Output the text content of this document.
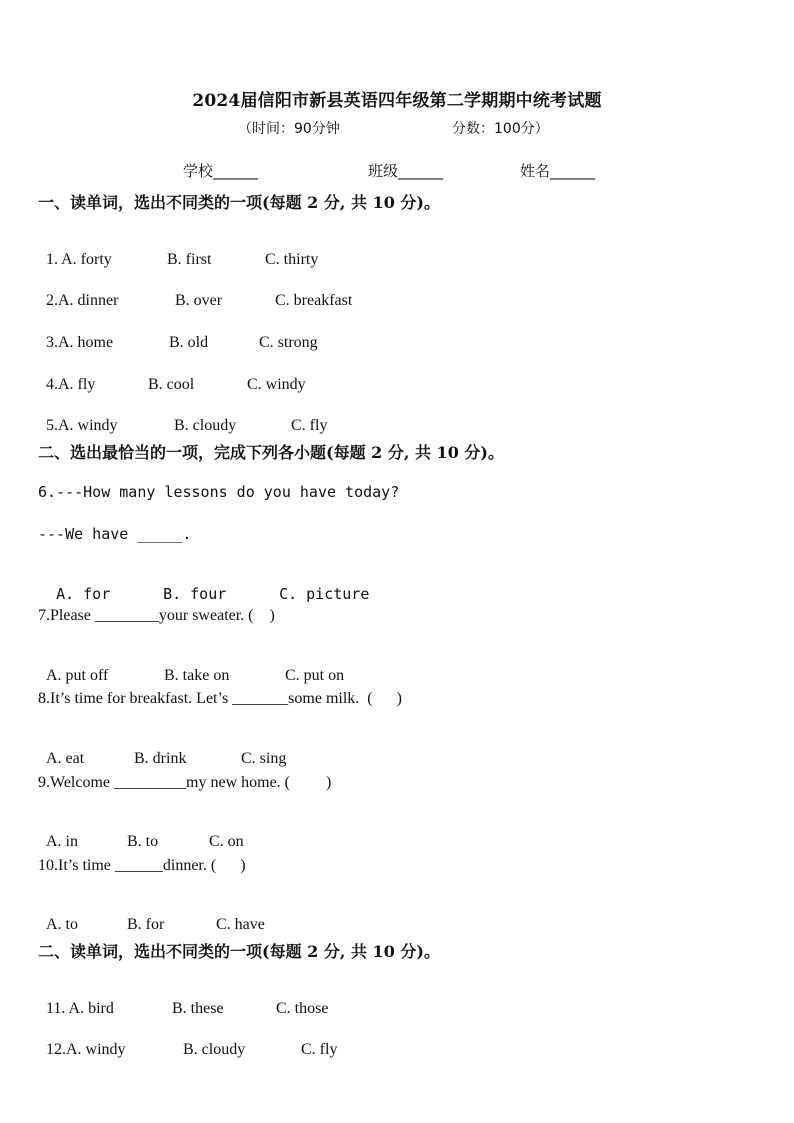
2024届信阳市新县英语四年级第二学期期中统考试题
（时间：90分钟	分数：100分）
学校______	班级______	姓名______
一、读单词，选出不同类的一项(每题 2 分, 共 10 分)。

1. A. forty	B. first	C. thirty

2.A. dinner	B. over	C. breakfast

3.A. home	B. old	C. strong

4.A. fly	B. cool	C. windy

5.A. windy	B. cloudy	C. fly

二、选出最恰当的一项，完成下列各小题(每题 2 分, 共 10 分)。
6.---How many lessons do you have today?
---We have _____.

A. for	B. four	C. picture

7.Please ________your sweater. (    )

A. put off	B. take on	C. put on

8.It’s time for breakfast. Let’s _______some milk.  (      )

A. eat	B. drink	C. sing

9.Welcome _________my new home. (         )

A. in	B. to	C. on

10.It’s time ______dinner. (      )

A. to	B. for	C. have

二、读单词，选出不同类的一项(每题 2 分, 共 10 分)。

11. A. bird	B. these	C. those

12.A. windy	B. cloudy	C. fly
